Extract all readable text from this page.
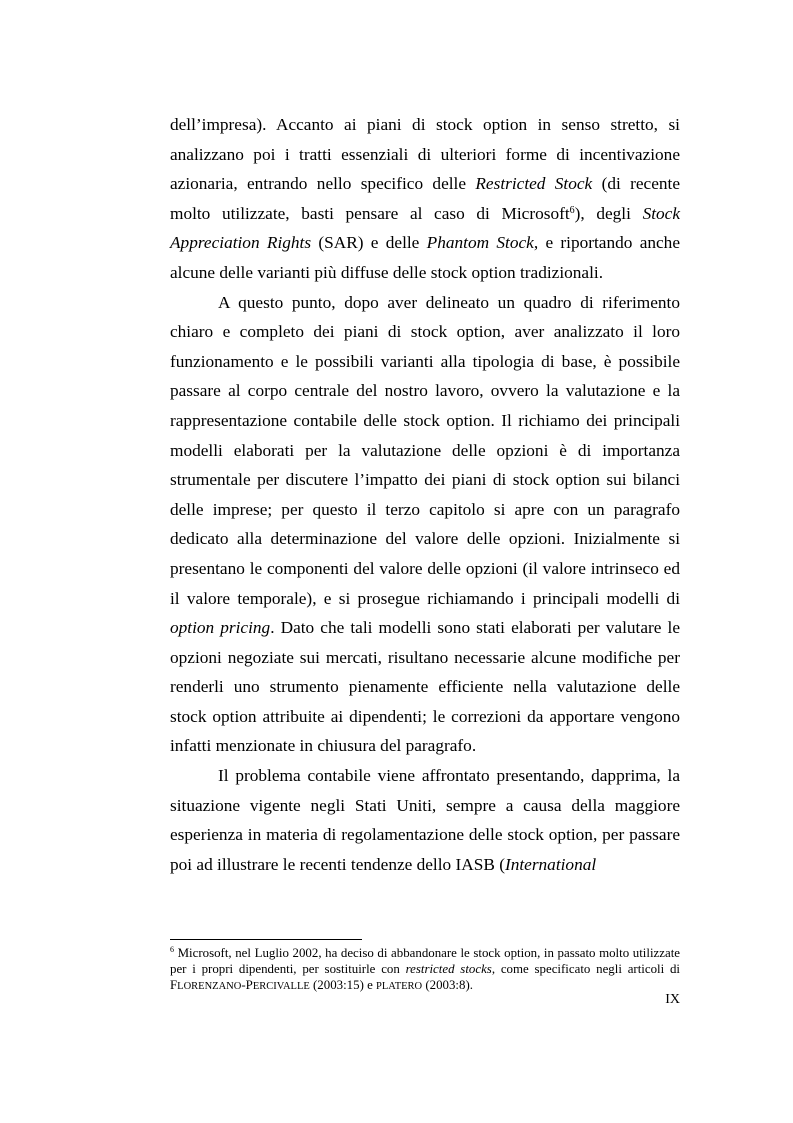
dell’impresa). Accanto ai piani di stock option in senso stretto, si analizzano poi i tratti essenziali di ulteriori forme di incentivazione azionaria, entrando nello specifico delle Restricted Stock (di recente molto utilizzate, basti pensare al caso di Microsoft$^6$), degli Stock Appreciation Rights (SAR) e delle Phantom Stock, e riportando anche alcune delle varianti più diffuse delle stock option tradizionali.

A questo punto, dopo aver delineato un quadro di riferimento chiaro e completo dei piani di stock option, aver analizzato il loro funzionamento e le possibili varianti alla tipologia di base, è possibile passare al corpo centrale del nostro lavoro, ovvero la valutazione e la rappresentazione contabile delle stock option. Il richiamo dei principali modelli elaborati per la valutazione delle opzioni è di importanza strumentale per discutere l’impatto dei piani di stock option sui bilanci delle imprese; per questo il terzo capitolo si apre con un paragrafo dedicato alla determinazione del valore delle opzioni. Inizialmente si presentano le componenti del valore delle opzioni (il valore intrinseco ed il valore temporale), e si prosegue richiamando i principali modelli di option pricing. Dato che tali modelli sono stati elaborati per valutare le opzioni negoziate sui mercati, risultano necessarie alcune modifiche per renderli uno strumento pienamente efficiente nella valutazione delle stock option attribuite ai dipendenti; le correzioni da apportare vengono infatti menzionate in chiusura del paragrafo.

Il problema contabile viene affrontato presentando, dapprima, la situazione vigente negli Stati Uniti, sempre a causa della maggiore esperienza in materia di regolamentazione delle stock option, per passare poi ad illustrare le recenti tendenze dello IASB (International

$^6$ Microsoft, nel Luglio 2002, ha deciso di abbandonare le stock option, in passato molto utilizzate per i propri dipendenti, per sostituirle con restricted stocks, come specificato negli articoli di FLORENZANO-PERCIVALLE (2003:15) e PLATERO (2003:8).

IX
